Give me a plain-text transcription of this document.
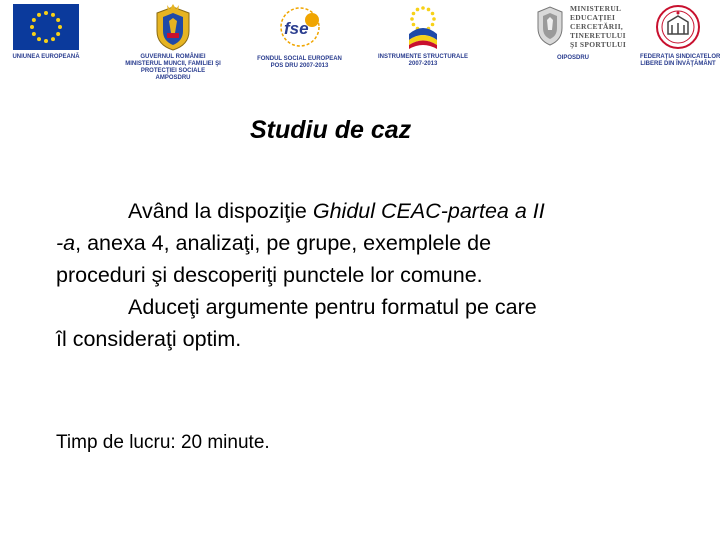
UNIUNEA EUROPEANĂ	GUVERNUL ROMÂNIEI
MINISTERUL MUNCII, FAMILIEI ŞI
PROTECŢIEI SOCIALE
AMPOSDRU
fse
FONDUL SOCIAL EUROPEAN
POS DRU 2007-2013
INSTRUMENTE STRUCTURALE
2007-2013
MINISTERUL
EDUCAŢIEI
CERCETĂRII,
TINERETULUI
ŞI SPORTULUI
OIPOSDRU	FEDERAŢIA SINDICATELOR
LIBERE DIN ÎNVĂŢĂMÂNT
Studiu de caz
Având la dispoziţie Ghidul CEAC-partea a II
-a, anexa 4, analizaţi, pe grupe, exemplele de
proceduri şi descoperiţi punctele lor comune.
Aduceţi argumente pentru formatul pe care
îl consideraţi optim.
Timp de lucru: 20 minute.
